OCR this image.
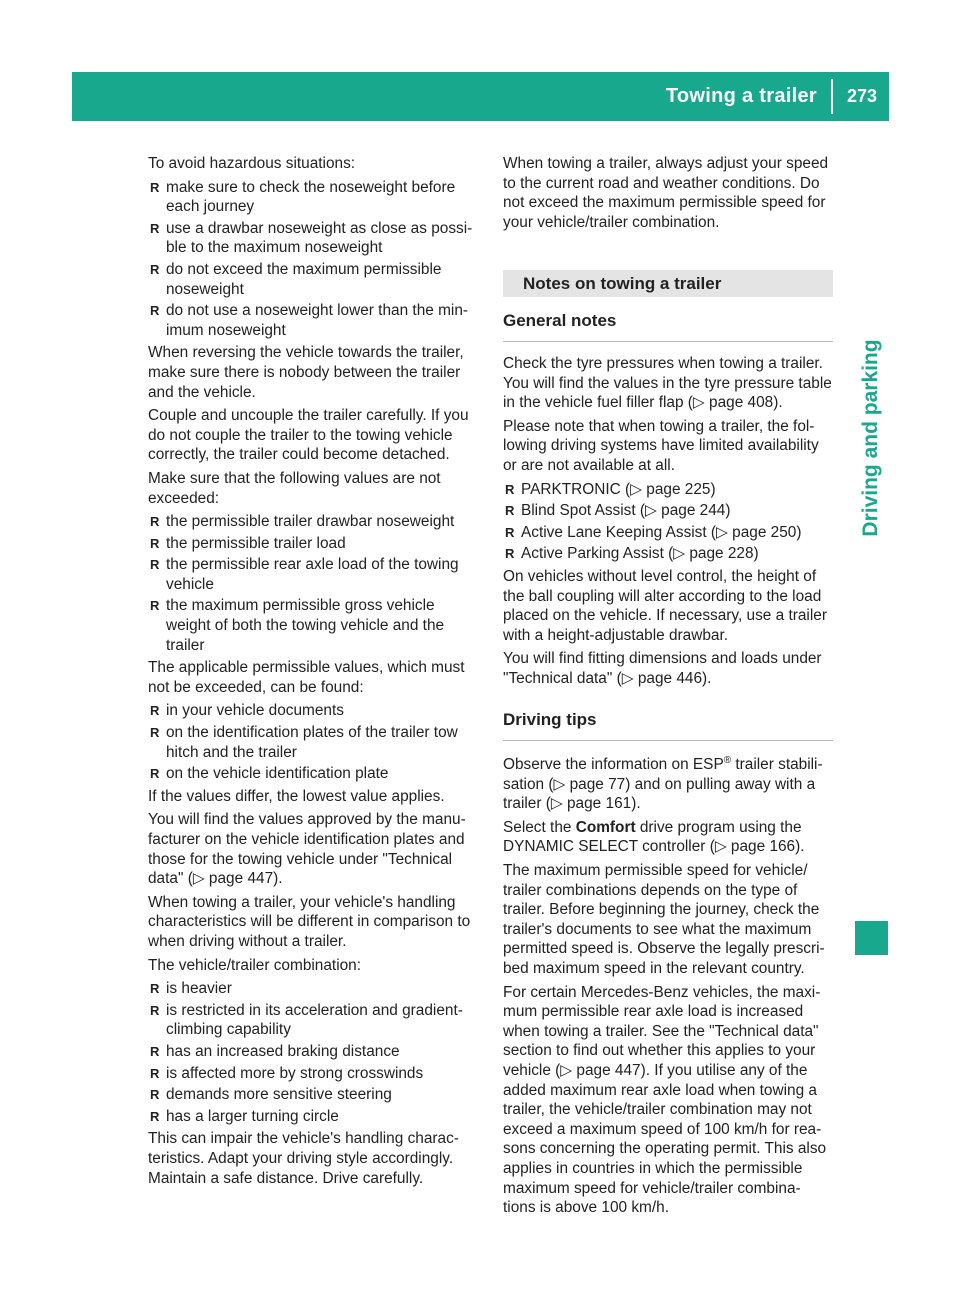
Towing a trailer 273
Driving and parking

To avoid hazardous situations:

R make sure to check the noseweight before each journey
R use a drawbar noseweight as close as possi-ble to the maximum noseweight
R do not exceed the maximum permissible noseweight
R do not use a noseweight lower than the min-imum noseweight

When reversing the vehicle towards the trailer, make sure there is nobody between the trailer and the vehicle.

Couple and uncouple the trailer carefully. If you do not couple the trailer to the towing vehicle correctly, the trailer could become detached.

Make sure that the following values are not exceeded:

R the permissible trailer drawbar noseweight
R the permissible trailer load
R the permissible rear axle load of the towing vehicle
R the maximum permissible gross vehicle weight of both the towing vehicle and the trailer

The applicable permissible values, which must not be exceeded, can be found:

R in your vehicle documents
R on the identification plates of the trailer tow hitch and the trailer
R on the vehicle identification plate

If the values differ, the lowest value applies.

You will find the values approved by the manu-facturer on the vehicle identification plates and those for the towing vehicle under "Technical data" (▷ page 447).

When towing a trailer, your vehicle's handling characteristics will be different in comparison to when driving without a trailer.

The vehicle/trailer combination:

R is heavier
R is restricted in its acceleration and gradient-climbing capability
R has an increased braking distance
R is affected more by strong crosswinds
R demands more sensitive steering
R has a larger turning circle

This can impair the vehicle's handling charac-teristics. Adapt your driving style accordingly. Maintain a safe distance. Drive carefully.

When towing a trailer, always adjust your speed to the current road and weather conditions. Do not exceed the maximum permissible speed for your vehicle/trailer combination.

Notes on towing a trailer
General notes

Check the tyre pressures when towing a trailer. You will find the values in the tyre pressure table in the vehicle fuel filler flap (▷ page 408).

Please note that when towing a trailer, the fol-lowing driving systems have limited availability or are not available at all.

R PARKTRONIC (▷ page 225)
R Blind Spot Assist (▷ page 244)
R Active Lane Keeping Assist (▷ page 250)
R Active Parking Assist (▷ page 228)

On vehicles without level control, the height of the ball coupling will alter according to the load placed on the vehicle. If necessary, use a trailer with a height-adjustable drawbar.

You will find fitting dimensions and loads under "Technical data" (▷ page 446).

Driving tips

Observe the information on ESP® trailer stabili-sation (▷ page 77) and on pulling away with a trailer (▷ page 161).

Select the Comfort drive program using the DYNAMIC SELECT controller (▷ page 166).

The maximum permissible speed for vehicle/ trailer combinations depends on the type of trailer. Before beginning the journey, check the trailer's documents to see what the maximum permitted speed is. Observe the legally prescri-bed maximum speed in the relevant country.

For certain Mercedes-Benz vehicles, the maxi-mum permissible rear axle load is increased when towing a trailer. See the "Technical data" section to find out whether this applies to your vehicle (▷ page 447). If you utilise any of the added maximum rear axle load when towing a trailer, the vehicle/trailer combination may not exceed a maximum speed of 100 km/h for rea-sons concerning the operating permit. This also applies in countries in which the permissible maximum speed for vehicle/trailer combina-tions is above 100 km/h.
